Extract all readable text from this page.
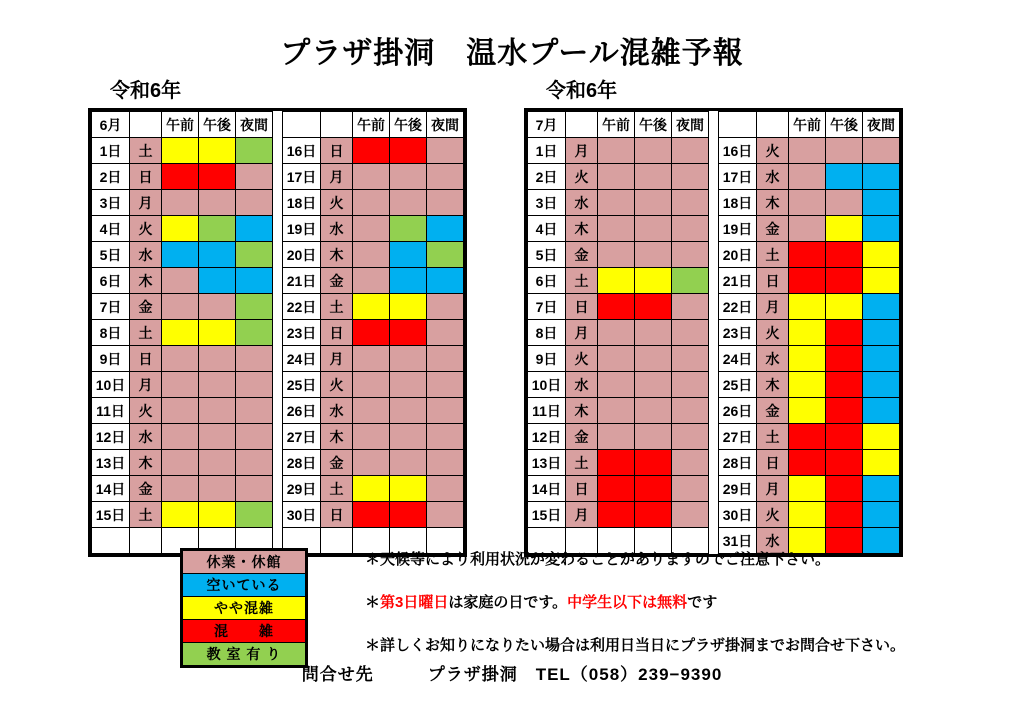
プラザ掛洞　温水プール混雑予報
令和6年	令和6年
6月		午前	午後	夜間				午前	午後	夜間
1日	土					16日	日			
2日	日					17日	月			
3日	月					18日	火			
4日	火					19日	水			
5日	水					20日	木			
6日	木					21日	金			
7日	金					22日	土			
8日	土					23日	日			
9日	日					24日	月			
10日	月					25日	火			
11日	火					26日	水			
12日	水					27日	木			
13日	木					28日	金			
14日	金					29日	土			
15日	土					30日	日			

7月		午前	午後	夜間				午前	午後	夜間
1日	月					16日	火			
2日	火					17日	水			
3日	水					18日	木			
4日	木					19日	金			
5日	金					20日	土			
6日	土					21日	日			
7日	日					22日	月			
8日	月					23日	火			
9日	火					24日	水			
10日	水					25日	木			
11日	木					26日	金			
12日	金					27日	土			
13日	土					28日	日			
14日	日					29日	月			
15日	月					30日	火			
						31日	水			
休業・休館
空いている
やや混雑
混　　雑
教 室 有 り
＊天候等により利用状況が変わることがありますのでご注意下さい。
＊第3日曜日は家庭の日です。中学生以下は無料です
＊詳しくお知りになりたい場合は利用日当日にプラザ掛洞までお問合せ下さい。
問合せ先　　　プラザ掛洞　TEL（058）239−9390
